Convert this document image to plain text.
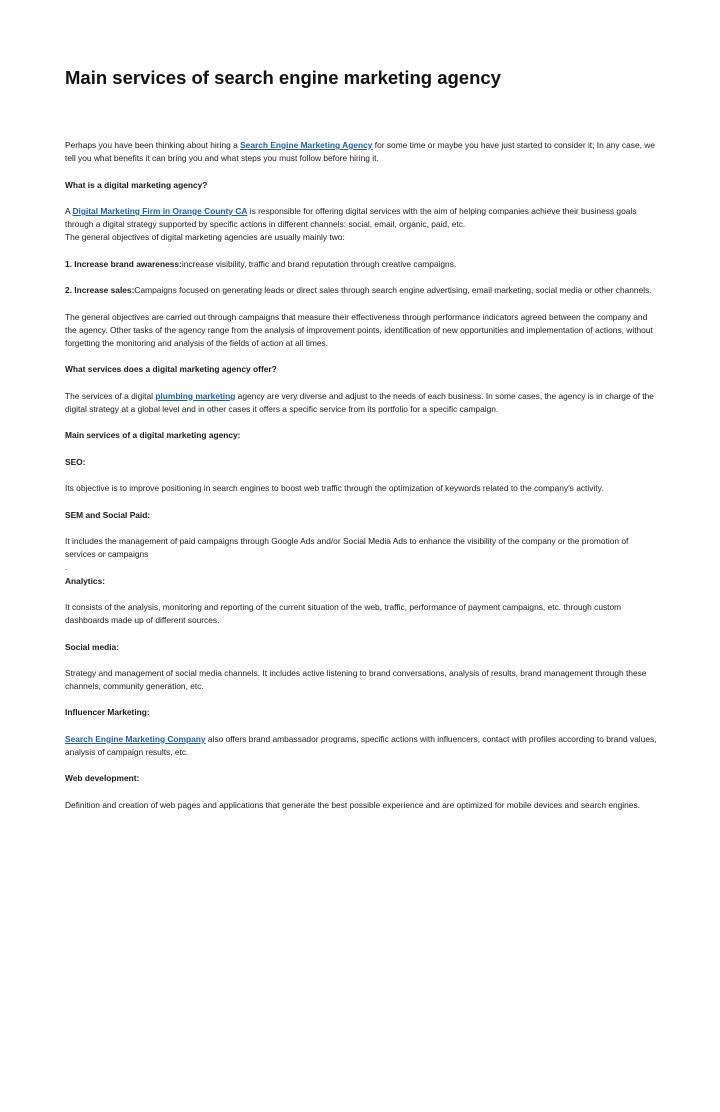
Main services of search engine marketing agency

Perhaps you have been thinking about hiring a Search Engine Marketing Agency for some time or maybe you have just started to consider it; In any case, we tell you what benefits it can bring you and what steps you must follow before hiring it.

What is a digital marketing agency?

A Digital Marketing Firm in Orange County CA is responsible for offering digital services with the aim of helping companies achieve their business goals through a digital strategy supported by specific actions in different channels: social, email, organic, paid, etc.
The general objectives of digital marketing agencies are usually mainly two:

1. Increase brand awareness:increase visibility, traffic and brand reputation through creative campaigns.

2. Increase sales:Campaigns focused on generating leads or direct sales through search engine advertising, email marketing, social media or other channels.

The general objectives are carried out through campaigns that measure their effectiveness through performance indicators agreed between the company and the agency. Other tasks of the agency range from the analysis of improvement points, identification of new opportunities and implementation of actions, without forgetting the monitoring and analysis of the fields of action at all times.

What services does a digital marketing agency offer?

The services of a digital plumbing marketing agency are very diverse and adjust to the needs of each business. In some cases, the agency is in charge of the digital strategy at a global level and in other cases it offers a specific service from its portfolio for a specific campaign.

Main services of a digital marketing agency:

SEO:

Its objective is to improve positioning in search engines to boost web traffic through the optimization of keywords related to the company's activity.

SEM and Social Paid:

It includes the management of paid campaigns through Google Ads and/or Social Media Ads to enhance the visibility of the company or the promotion of services or campaigns
.

Analytics:

It consists of the analysis, monitoring and reporting of the current situation of the web, traffic, performance of payment campaigns, etc. through custom dashboards made up of different sources.

Social media:

Strategy and management of social media channels. It includes active listening to brand conversations, analysis of results, brand management through these channels, community generation, etc.

Influencer Marketing:

Search Engine Marketing Company also offers brand ambassador programs, specific actions with influencers, contact with profiles according to brand values, analysis of campaign results, etc.

Web development:

Definition and creation of web pages and applications that generate the best possible experience and are optimized for mobile devices and search engines.
